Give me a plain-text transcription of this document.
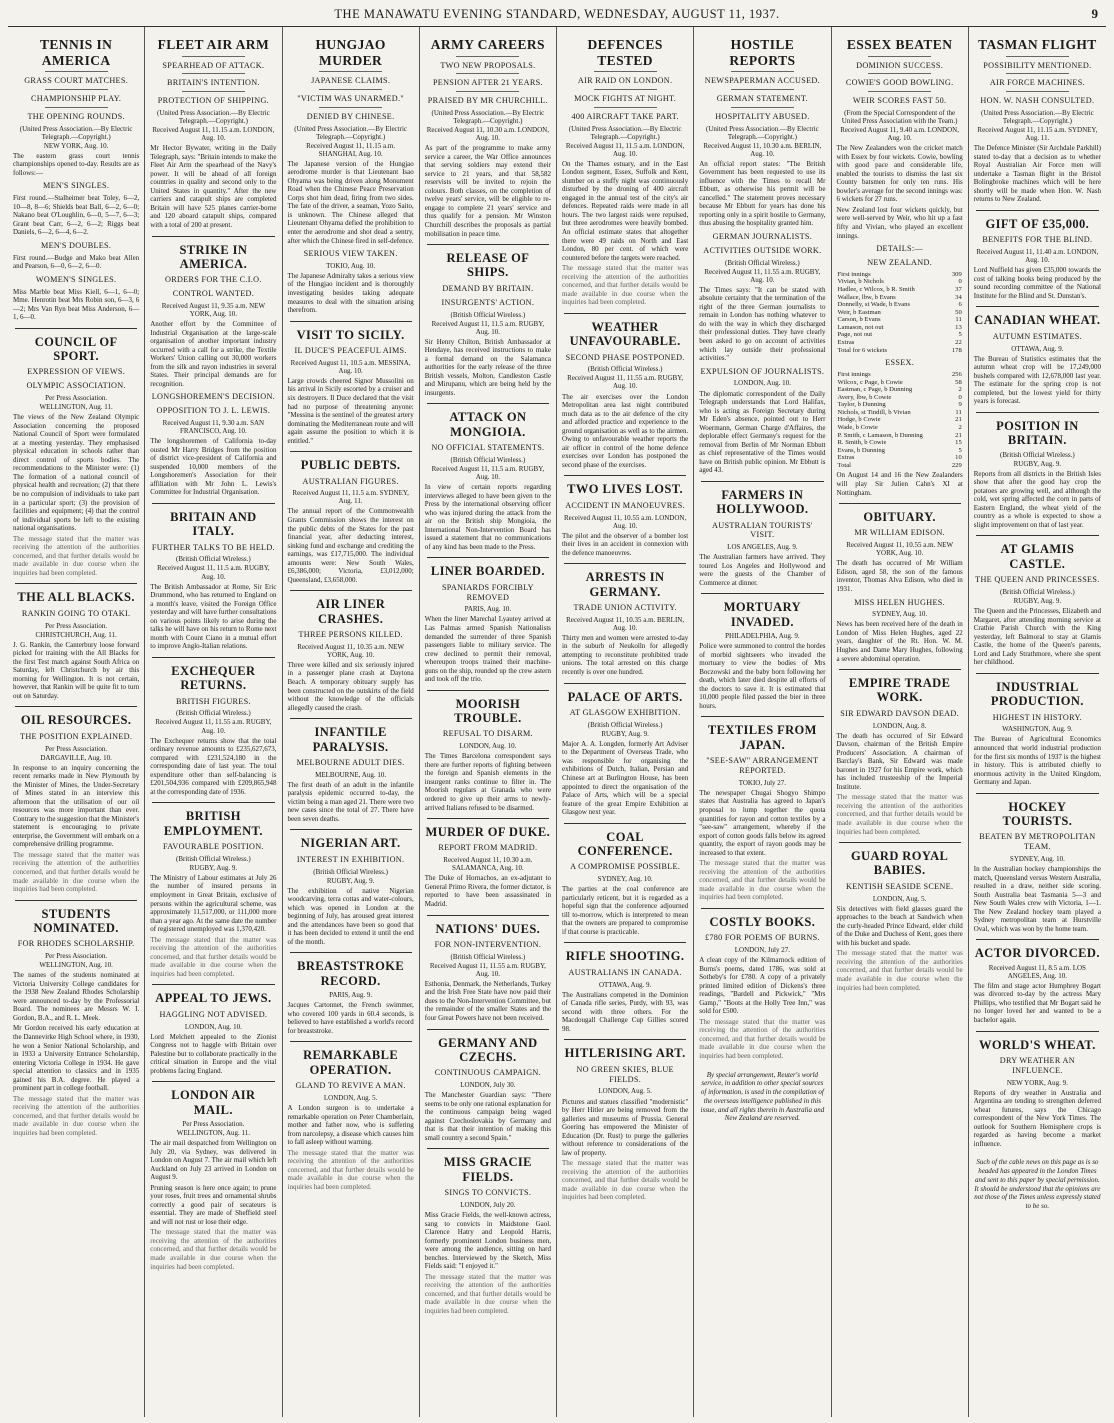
THE MANAWATU EVENING STANDARD, WEDNESDAY, AUGUST 11, 1937.	9
TENNIS IN AMERICA
GRASS COURT MATCHES.
CHAMPIONSHIP PLAY.
THE OPENING ROUNDS.
(United Press Association.—By Electric Telegraph.—Copyright.)
NEW YORK, Aug. 10.

The eastern grass court tennis championships opened to-day. Results are as follows:—

MEN'S SINGLES.

First round.—Stalheimer beat Toley, 6—2, 10—8, 8—6; Shields beat Ball, 6—2, 6—0; Nakano beat O'Loughlin, 6—0, 5—7, 6—3; Grant beat Carr, 6—2, 6—2; Riggs beat Daniels, 6—2, 6—4, 6—2.

MEN'S DOUBLES.

First round.—Budge and Mako beat Allen and Pearson, 6—0, 6—2, 6—0.

WOMEN'S SINGLES.

Miss Marble beat Miss Kiell, 6—1, 6—0; Mme. Henrotin beat Mrs Robin son, 6—3, 6—2; Mrs Van Ryn beat Miss Anderson, 6—1, 6—0.

COUNCIL OF SPORT.
EXPRESSION OF VIEWS.
OLYMPIC ASSOCIATION.
Per Press Association.
WELLINGTON, Aug. 11.

The views of the New Zealand Olympic Association concerning the proposed National Council of Sport were formulated at a meeting yesterday. They emphasised physical education in schools rather than direct control of sports bodies. The recommendations to the Minister were: (1) The formation of a national council of physical health and recreation; (2) that there be no compulsion of individuals to take part in a particular sport; (3) the provision of facilities and equipment; (4) that the control of individual sports be left to the existing national organisations.

The message stated that the matter was receiving the attention of the authorities concerned, and that further details would be made available in due course when the inquiries had been completed.

THE ALL BLACKS.
RANKIN GOING TO OTAKI.
Per Press Association.
CHRISTCHURCH, Aug. 11.

J. G. Rankin, the Canterbury loose forward picked for training with the All Blacks for the first Test match against South Africa on Saturday, left Christchurch by air this morning for Wellington. It is not certain, however, that Rankin will be quite fit to turn out on Saturday.

OIL RESOURCES.
THE POSITION EXPLAINED.
Per Press Association.
DARGAVILLE, Aug. 10.

In response to an inquiry concerning the recent remarks made in New Plymouth by the Minister of Mines, the Under-Secretary of Mines stated in an interview this afternoon that the utilisation of our oil resources was more important than ever. Contrary to the suggestion that the Minister's statement is encouraging to private enterprise, the Government will embark on a comprehensive drilling programme.

The message stated that the matter was receiving the attention of the authorities concerned, and that further details would be made available in due course when the inquiries had been completed.

STUDENTS NOMINATED.
FOR RHODES SCHOLARSHIP.
Per Press Association.
WELLINGTON, Aug. 10.

The names of the students nominated at Victoria University College candidates for the 1938 New Zealand Rhodes Scholarship were announced to-day by the Professorial Board. The nominees are Messrs W. I. Gordon, B.A., and R. L. Meek.

Mr Gordon received his early education at the Dannevirke High School where, in 1930, he won a Senior National Scholarship, and in 1933 a University Entrance Scholarship, entering Victoria College in 1934. He gave special attention to classics and in 1935 gained his B.A. degree. He played a prominent part in college football.

The message stated that the matter was receiving the attention of the authorities concerned, and that further details would be made available in due course when the inquiries had been completed.

FLEET AIR ARM
SPEARHEAD OF ATTACK.
BRITAIN'S INTENTION.
PROTECTION OF SHIPPING.
(United Press Association.—By Electric Telegraph.—Copyright.)
Received August 11, 11.15 a.m. LONDON, Aug. 10.

Mr Hector Bywater, writing in the Daily Telegraph, says: "Britain intends to make the Fleet Air Arm the spearhead of the Navy's power. It will be ahead of all foreign countries in quality and second only to the United States in quantity." After the new carriers and catapult ships are completed Britain will have 525 planes carrier-borne and 120 aboard catapult ships, compared with a total of 200 at present.

STRIKE IN AMERICA.
ORDERS FOR THE C.I.O.
CONTROL WANTED.
Received August 11, 9.35 a.m. NEW YORK, Aug. 10.

Another effort by the Committee of Industrial Organisation at the large-scale organisation of another important industry occurred with a call for a strike, the Textile Workers' Union calling out 30,000 workers from the silk and rayon industries in several States. Their principal demands are for recognition.

LONGSHOREMEN'S DECISION.
OPPOSITION TO J. L. LEWIS.
Received August 11, 9.30 a.m. SAN FRANCISCO, Aug. 10.

The longshoremen of California to-day ousted Mr Harry Bridges from the position of district vice-president of California and suspended 10,000 members of the Longshoremen's Association for their affiliation with Mr John L. Lewis's Committee for Industrial Organisation.

BRITAIN AND ITALY.
FURTHER TALKS TO BE HELD.
(British Official Wireless.)
Received August 11, 11.5 a.m. RUGBY, Aug. 10.

The British Ambassador at Rome, Sir Eric Drummond, who has returned to England on a month's leave, visited the Foreign Office yesterday and will have further consultations on various points likely to arise during the talks he will have on his return to Rome next month with Count Ciano in a mutual effort to improve Anglo-Italian relations.

EXCHEQUER RETURNS.
BRITISH FIGURES.
(British Official Wireless.)
Received August 11, 11.55 a.m. RUGBY, Aug. 10.

The Exchequer returns show that the total ordinary revenue amounts to £235,627,673, compared with £231,524,180 in the corresponding date of last year. The total expenditure other than self-balancing is £201,504,936 compared with £209,865,948 at the corresponding date of 1936.

BRITISH EMPLOYMENT.
FAVOURABLE POSITION.
(British Official Wireless.)
RUGBY, Aug. 9.

The Ministry of Labour estimates at July 26 the number of insured persons in employment in Great Britain, exclusive of persons within the agricultural scheme, was approximately 11,517,000, or 111,000 more than a year ago. At the same date the number of registered unemployed was 1,370,420.

The message stated that the matter was receiving the attention of the authorities concerned, and that further details would be made available in due course when the inquiries had been completed.

APPEAL TO JEWS.
HAGGLING NOT ADVISED.
LONDON, Aug. 10.

Lord Melchett appealed to the Zionist Congress not to haggle with Britain over Palestine but to collaborate practically in the critical situation in Europe and the vital problems facing England.

LONDON AIR MAIL.
Per Press Association.
WELLINGTON, Aug. 11.

The air mail despatched from Wellington on July 20, via Sydney, was delivered in London on August 7. The air mail which left Auckland on July 23 arrived in London on August 9.

Pruning season is here once again; to prune your roses, fruit trees and ornamental shrubs correctly a good pair of secateurs is essential. They are made of Sheffield steel and will not rust or lose their edge.

The message stated that the matter was receiving the attention of the authorities concerned, and that further details would be made available in due course when the inquiries had been completed.

HUNGJAO MURDER
JAPANESE CLAIMS.
"VICTIM WAS UNARMED."
DENIED BY CHINESE.
(United Press Association.—By Electric Telegraph.—Copyright.)
Received August 11, 11.15 a.m. SHANGHAI, Aug. 10.

The Japanese version of the Hungjao aerodrome murder is that Lieutenant Isao Ohyama was being driven along Monument Road when the Chinese Peace Preservation Corps shot him dead, firing from two sides. The fate of the driver, a seaman, Yozo Saito, is unknown. The Chinese alleged that Lieutenant Ohyama defied the prohibition to enter the aerodrome and shot dead a sentry, after which the Chinese fired in self-defence.

SERIOUS VIEW TAKEN.
TOKIO, Aug. 10.

The Japanese Admiralty takes a serious view of the Hungjao incident and is thoroughly investigating besides taking adequate measures to deal with the situation arising therefrom.

VISIT TO SICILY.
IL DUCE'S PEACEFUL AIMS.
Received August 11, 10.5 a.m. MESSINA, Aug. 10.

Large crowds cheered Signor Mussolini on his arrival in Sicily escorted by a cruiser and six destroyers. Il Duce declared that the visit had no purpose of threatening anyone: "Messina is the sentinel of the greatest artery dominating the Mediterranean route and will again assume the position to which it is entitled."

PUBLIC DEBTS.
AUSTRALIAN FIGURES.
Received August 11, 11.5 a.m. SYDNEY, Aug. 11.

The annual report of the Commonwealth Grants Commission shows the interest on the public debts of the States for the past financial year, after deducting interest, sinking fund and exchange and crediting the earnings, was £17,715,000. The individual amounts were: New South Wales, £6,386,000; Victoria, £3,012,000; Queensland, £3,658,000.

AIR LINER CRASHES.
THREE PERSONS KILLED.
Received August 11, 10.35 a.m. NEW YORK, Aug. 10.

Three were killed and six seriously injured in a passenger plane crash at Daytona Beach. A temporary obituary supply has been constructed on the outskirts of the field without the knowledge of the officials allegedly caused the crash.

INFANTILE PARALYSIS.
MELBOURNE ADULT DIES.
MELBOURNE, Aug. 10.

The first death of an adult in the infantile paralysis epidemic occurred to-day, the victim being a man aged 21. There were two new cases since the total of 27. There have been seven deaths.

NIGERIAN ART.
INTEREST IN EXHIBITION.
(British Official Wireless.)
RUGBY, Aug. 9.

The exhibition of native Nigerian woodcarving, terra cottas and water-colours, which was opened in London at the beginning of July, has aroused great interest and the attendances have been so good that it has been decided to extend it until the end of the month.

BREASTSTROKE RECORD.
PARIS, Aug. 9.

Jacques Cartonnet, the French swimmer, who covered 100 yards in 60.4 seconds, is believed to have established a world's record for breaststroke.

REMARKABLE OPERATION.
GLAND TO REVIVE A MAN.
LONDON, Aug. 5.

A London surgeon is to undertake a remarkable operation on Peter Chamberlain, mother and father now, who is suffering from narcolepsy, a disease which causes him to fall asleep without warning.

The message stated that the matter was receiving the attention of the authorities concerned, and that further details would be made available in due course when the inquiries had been completed.

ARMY CAREERS
TWO NEW PROPOSALS.
PENSION AFTER 21 YEARS.
PRAISED BY MR CHURCHILL.
(United Press Association.—By Electric Telegraph.—Copyright.)
Received August 11, 10.30 a.m. LONDON, Aug. 10.

As part of the programme to make army service a career, the War Office announces that serving soldiers may extend their service to 21 years, and that 58,582 reservists will be invited to rejoin the colours. Both classes, on the completion of twelve years' service, will be eligible to re-engage to complete 21 years' service and thus qualify for a pension. Mr Winston Churchill describes the proposals as partial mobilisation in peace time.

RELEASE OF SHIPS.
DEMAND BY BRITAIN.
INSURGENTS' ACTION.
(British Official Wireless.)
Received August 11, 11.5 a.m. RUGBY, Aug. 10.

Sir Henry Chilton, British Ambassador at Hendaye, has received instructions to make a formal demand on the Salamanca authorities for the early release of the three British vessels, Molton, Candleston Castle and Mirupanu, which are being held by the insurgents.

ATTACK ON MONGIOIA.
NO OFFICIAL STATEMENTS.
(British Official Wireless.)
Received August 11, 11.5 a.m. RUGBY, Aug. 10.

In view of certain reports regarding interviews alleged to have been given to the Press by the international observing officer who was injured during the attack from the air on the British ship Mongioia, the International Non-Intervention Board has issued a statement that no communications of any kind has been made to the Press.

LINER BOARDED.
SPANIARDS FORCIBLY REMOVED
PARIS, Aug. 10.

When the liner Marechal Lyautey arrived at Las Palmas armed Spanish Nationalists demanded the surrender of three Spanish passengers liable to military service. The crew declined to permit their removal, whereupon troops trained their machine-guns on the ship, rounded up the crew astern and took off the trio.

MOORISH TROUBLE.
REFUSAL TO DISARM.
LONDON, Aug. 10.

The Times Barcelona correspondent says there are further reports of fighting between the foreign and Spanish elements in the insurgent ranks continue to filter in. The Moorish regulars at Granada who were ordered to give up their arms to newly-arrived Italians refused to be disarmed.

MURDER OF DUKE.
REPORT FROM MADRID.
Received August 11, 10.30 a.m. SALAMANCA, Aug. 10.

The Duke of Hornachos, an ex-adjutant to General Primo Rivera, the former dictator, is reported to have been assassinated in Madrid.

NATIONS' DUES.
FOR NON-INTERVENTION.
(British Official Wireless.)
Received August 11, 11.55 a.m. RUGBY, Aug. 10.

Esthonia, Denmark, the Netherlands, Turkey and the Irish Free State have now paid their dues to the Non-Intervention Committee, but the remainder of the smaller States and the four Great Powers have not been received.

GERMANY AND CZECHS.
CONTINUOUS CAMPAIGN.
LONDON, July 30.

The Manchester Guardian says: "There seems to be only one rational explanation for the continuous campaign being waged against Czechoslovakia by Germany and that is that their intention of making this small country a second Spain."

MISS GRACIE FIELDS.
SINGS TO CONVICTS.
LONDON, July 20.

Miss Gracie Fields, the well-known actress, sang to convicts in Maidstone Gaol. Clarence Hatry and Leopold Harris, formerly prominent London business men, were among the audience, sitting on hard benches. Interviewed by the Sketch, Miss Fields said: "I enjoyed it."

The message stated that the matter was receiving the attention of the authorities concerned, and that further details would be made available in due course when the inquiries had been completed.

DEFENCES TESTED
AIR RAID ON LONDON.
MOCK FIGHTS AT NIGHT.
400 AIRCRAFT TAKE PART.
(United Press Association.—By Electric Telegraph.—Copyright.)
Received August 11, 11.5 a.m. LONDON, Aug. 10.

On the Thames estuary, and in the East London segment, Essex, Suffolk and Kent, slumber on a stuffy night was continuously disturbed by the droning of 400 aircraft engaged in the annual test of the city's air defences. Repeated raids were made in all hours. The two largest raids were repulsed, but three aerodromes were heavily bombed. An official estimate states that altogether there were 49 raids on North and East London, 80 per cent. of which were countered before the targets were reached.

The message stated that the matter was receiving the attention of the authorities concerned, and that further details would be made available in due course when the inquiries had been completed.

WEATHER UNFAVOURABLE.
SECOND PHASE POSTPONED.
(British Official Wireless.)
Received August 11, 11.55 a.m. RUGBY, Aug. 10.

The air exercises over the London Metropolitan area last night contributed much data as to the air defence of the city and afforded practice and experience to the ground organisation as well as to the airmen. Owing to unfavourable weather reports the air officer in control of the home defence exercises over London has postponed the second phase of the exercises.

TWO LIVES LOST.
ACCIDENT IN MANOEUVRES.
Received August 11, 10.55 a.m. LONDON, Aug. 10.

The pilot and the observer of a bomber lost their lives in an accident in connexion with the defence manoeuvres.

ARRESTS IN GERMANY.
TRADE UNION ACTIVITY.
Received August 11, 10.35 a.m. BERLIN, Aug. 10.

Thirty men and women were arrested to-day in the suburb of Neukolln for allegedly attempting to reconstitute prohibited trade unions. The total arrested on this charge recently is over one hundred.

PALACE OF ARTS.
AT GLASGOW EXHIBITION.
(British Official Wireless.)
RUGBY, Aug. 9.

Major A. A. Longden, formerly Art Adviser to the Department of Overseas Trade, who was responsible for organising the exhibitions of Dutch, Italian, Persian and Chinese art at Burlington House, has been appointed to direct the organisation of the Palace of Arts, which will be a special feature of the great Empire Exhibition at Glasgow next year.

COAL CONFERENCE.
A COMPROMISE POSSIBLE.
SYDNEY, Aug. 10.

The parties at the coal conference are particularly reticent, but it is regarded as a hopeful sign that the conference adjourned till to-morrow, which is interpreted to mean that the owners are prepared to compromise if that course is practicable.

RIFLE SHOOTING.
AUSTRALIANS IN CANADA.
OTTAWA, Aug. 9.

The Australians competed in the Dominion of Canada rifle series, Purdy, with 93, was second with three others. For the Macdougall Challenge Cup Gillies scored 98.

HITLERISING ART.
NO GREEN SKIES, BLUE FIELDS.
LONDON, Aug. 5.

Pictures and statues classified "modernistic" by Herr Hitler are being removed from the galleries and museums of Prussia. General Goering has empowered the Minister of Education (Dr. Rust) to purge the galleries without reference to considerations of the law of property.

The message stated that the matter was receiving the attention of the authorities concerned, and that further details would be made available in due course when the inquiries had been completed.

HOSTILE REPORTS
NEWSPAPERMAN ACCUSED.
GERMAN STATEMENT.
HOSPITALITY ABUSED.
(United Press Association.—By Electric Telegraph.—Copyright.)
Received August 11, 10.30 a.m. BERLIN, Aug. 10.

An official report states: "The British Government has been requested to use its influence with the Times to recall Mr Ebbutt, as otherwise his permit will be cancelled." The statement proves necessary because Mr Ebbutt for years has done his reporting only in a spirit hostile to Germany, thus abusing the hospitality granted him.

GERMAN JOURNALISTS.
ACTIVITIES OUTSIDE WORK.
(British Official Wireless.)
Received August 11, 11.55 a.m. RUGBY, Aug. 10.

The Times says: "It can be stated with absolute certainty that the termination of the right of the three German journalists to remain in London has nothing whatever to do with the way in which they discharged their professional duties. They have clearly been asked to go on account of activities which lay outside their professional activities."

EXPULSION OF JOURNALISTS.
LONDON, Aug. 10.

The diplomatic correspondent of the Daily Telegraph understands that Lord Halifax, who is acting as Foreign Secretary during Mr Eden's absence, pointed out to Herr Woermann, German Charge d'Affaires, the deplorable effect Germany's request for the removal from Berlin of Mr Norman Ebbutt as chief representative of the Times would have on British public opinion. Mr Ebbutt is aged 43.

FARMERS IN HOLLYWOOD.
AUSTRALIAN TOURISTS' VISIT.
LOS ANGELES, Aug. 9.

The Australian farmers have arrived. They toured Los Angeles and Hollywood and were the guests of the Chamber of Commerce at dinner.

MORTUARY INVADED.
PHILADELPHIA, Aug. 9.

Police were summoned to control the hordes of morbid sightseers who invaded the mortuary to view the bodies of Mrs Boczowski and the baby born following her death, which later died despite all efforts of the doctors to save it. It is estimated that 10,000 people filed passed the bier in three hours.

TEXTILES FROM JAPAN.
"SEE-SAW" ARRANGEMENT REPORTED.
TOKIO, July 27.

The newspaper Chugai Shogyo Shimpo states that Australia has agreed to Japan's proposal to lump together the quota quantities for rayon and cotton textiles by a "see-saw" arrangement, whereby if the export of cotton goods falls below its agreed quantity, the export of rayon goods may be increased to that extent.

The message stated that the matter was receiving the attention of the authorities concerned, and that further details would be made available in due course when the inquiries had been completed.

COSTLY BOOKS.
£780 FOR POEMS OF BURNS.
LONDON, July 27.

A clean copy of the Kilmarnock edition of Burns's poems, dated 1786, was sold at Sotheby's for £780. A copy of a privately printed limited edition of Dickens's three readings, "Bardell and Pickwick," "Mrs Gamp," "Boots at the Holly Tree Inn," was sold for £500.

The message stated that the matter was receiving the attention of the authorities concerned, and that further details would be made available in due course when the inquiries had been completed.

By special arrangement, Reuter's world service, in addition to other special sources of information, is used in the compilation of the overseas intelligence published in this issue, and all rights therein in Australia and New Zealand are reserved.
ESSEX BEATEN
DOMINION SUCCESS.
COWIE'S GOOD BOWLING.
WEIR SCORES FAST 50.
(From the Special Correspondent of the United Press Association with the Team.)
Received August 11, 9.40 a.m. LONDON, Aug. 10.

The New Zealanders won the cricket match with Essex by four wickets. Cowie, bowling with good pace and considerable life, enabled the tourists to dismiss the last six County batsmen for only ten runs. His bowler's average for the second innings was: 6 wickets for 27 runs.

New Zealand lost four wickets quickly, but were well-served by Weir, who hit up a fast fifty and Vivian, who played an excellent innings.

DETAILS:—
NEW ZEALAND.
First innings	309
Vivian, b Nichols	0
Hadlee, c Wilcox, b R. Smith	37
Wallace, lbw, b Evans	34
Donnelly, st Wade, b Evans	6
Weir, b Eastman	50
Carson, b Evans	11
Lamason, not out	13
Page, not out	5
Extras	22
Total for 6 wickets	178
ESSEX.
First innings	256
Wilcox, c Page, b Cowie	58
Eastman, c Page, b Dunning	2
Avery, lbw, b Cowie	0
Taylor, b Dunning	9
Nichols, st Tindill, b Vivian	11
Hodge, b Cowie	21
Wade, b Cowie	2
P. Smith, c Lamason, b Dunning	21
R. Smith, b Cowie	15
Evans, b Dunning	5
Extras	10
Total	229

On August 14 and 16 the New Zealanders will play Sir Julien Cahn's XI at Nottingham.

OBITUARY.
MR WILLIAM EDISON.
Received August 11, 10.55 a.m. NEW YORK, Aug. 10.

The death has occurred of Mr William Edison, aged 58, the son of the famous inventor, Thomas Alva Edison, who died in 1931.

MISS HELEN HUGHES.
SYDNEY, Aug. 10.

News has been received here of the death in London of Miss Helen Hughes, aged 22 years, daughter of the Rt. Hon. W. M. Hughes and Dame Mary Hughes, following a severe abdominal operation.

EMPIRE TRADE WORK.
SIR EDWARD DAVSON DEAD.
LONDON, Aug. 8.

The death has occurred of Sir Edward Davson, chairman of the British Empire Producers' Association. A chairman of Barclay's Bank, Sir Edward was made baronet in 1927 for his Empire work, which has included trusteeship of the Imperial Institute.

The message stated that the matter was receiving the attention of the authorities concerned, and that further details would be made available in due course when the inquiries had been completed.

GUARD ROYAL BABIES.
KENTISH SEASIDE SCENE.
LONDON, Aug. 5.

Six detectives with field glasses guard the approaches to the beach at Sandwich when the curly-headed Prince Edward, elder child of the Duke and Duchess of Kent, goes there with his bucket and spade.

The message stated that the matter was receiving the attention of the authorities concerned, and that further details would be made available in due course when the inquiries had been completed.

TASMAN FLIGHT
POSSIBILITY MENTIONED.
AIR FORCE MACHINES.
HON. W. NASH CONSULTED.
(United Press Association.—By Electric Telegraph.—Copyright.)
Received August 11, 11.15 a.m. SYDNEY, Aug. 11.

The Defence Minister (Sir Archdale Parkhill) stated to-day that a decision as to whether Royal Australian Air Force men will undertake a Tasman flight in the Bristol Bolingbroke machines which will be here shortly will be made when Hon. W. Nash returns to New Zealand.

GIFT OF £35,000.
BENEFITS FOR THE BLIND.
Received August 11, 11.40 a.m. LONDON, Aug. 10.

Lord Nuffield has given £35,000 towards the cost of talking books being produced by the sound recording committee of the National Institute for the Blind and St. Dunstan's.

CANADIAN WHEAT.
AUTUMN ESTIMATES.
OTTAWA, Aug. 9.

The Bureau of Statistics estimates that the autumn wheat crop will be 17,249,000 bushels compared with 12,678,000 last year. The estimate for the spring crop is not completed, but the lowest yield for thirty years is forecast.

POSITION IN BRITAIN.
(British Official Wireless.)
RUGBY, Aug. 9.

Reports from all districts in the British Isles show that after the good hay crop the potatoes are growing well, and although the cold, wet spring affected the corn in parts of Eastern England, the wheat yield of the country as a whole is expected to show a slight improvement on that of last year.

AT GLAMIS CASTLE.
THE QUEEN AND PRINCESSES.
(British Official Wireless.)
RUGBY, Aug. 9.

The Queen and the Princesses, Elizabeth and Margaret, after attending morning service at Crathie Parish Church with the King yesterday, left Balmoral to stay at Glamis Castle, the home of the Queen's parents, Lord and Lady Strathmore, where she spent her childhood.

INDUSTRIAL PRODUCTION.
HIGHEST IN HISTORY.
WASHINGTON, Aug. 9.

The Bureau of Agricultural Economics announced that world industrial production for the first six months of 1937 is the highest in history. This is attributed chiefly to enormous activity in the United Kingdom, Germany and Japan.

HOCKEY TOURISTS.
BEATEN BY METROPOLITAN TEAM.
SYDNEY, Aug. 10.

In the Australian hockey championships the match, Queensland versus Western Australia, resulted in a draw, neither side scoring. South Australia beat Tasmania 5—3 and New South Wales crew with Victoria, 1—1. The New Zealand hockey team played a Sydney metropolitan team at Hurstville Oval, which was won by the home team.

ACTOR DIVORCED.
Received August 11, 8.5 a.m. LOS ANGELES, Aug. 10.

The film and stage actor Humphrey Bogart was divorced to-day by the actress Mary Phillips, who testified that Mr Bogart said he no longer loved her and wanted to be a bachelor again.

WORLD'S WHEAT.
DRY WEATHER AN INFLUENCE.
NEW YORK, Aug. 9.

Reports of dry weather in Australia and Argentina are tending to strengthen deferred wheat futures, says the Chicago correspondent of the New York Times. The outlook for Southern Hemisphere crops is regarded as having become a market influence.

Such of the cable news on this page as is so headed has appeared in the London Times and sent to this paper by special permission. It should be understood that the opinions are not those of the Times unless expressly stated to be so.
